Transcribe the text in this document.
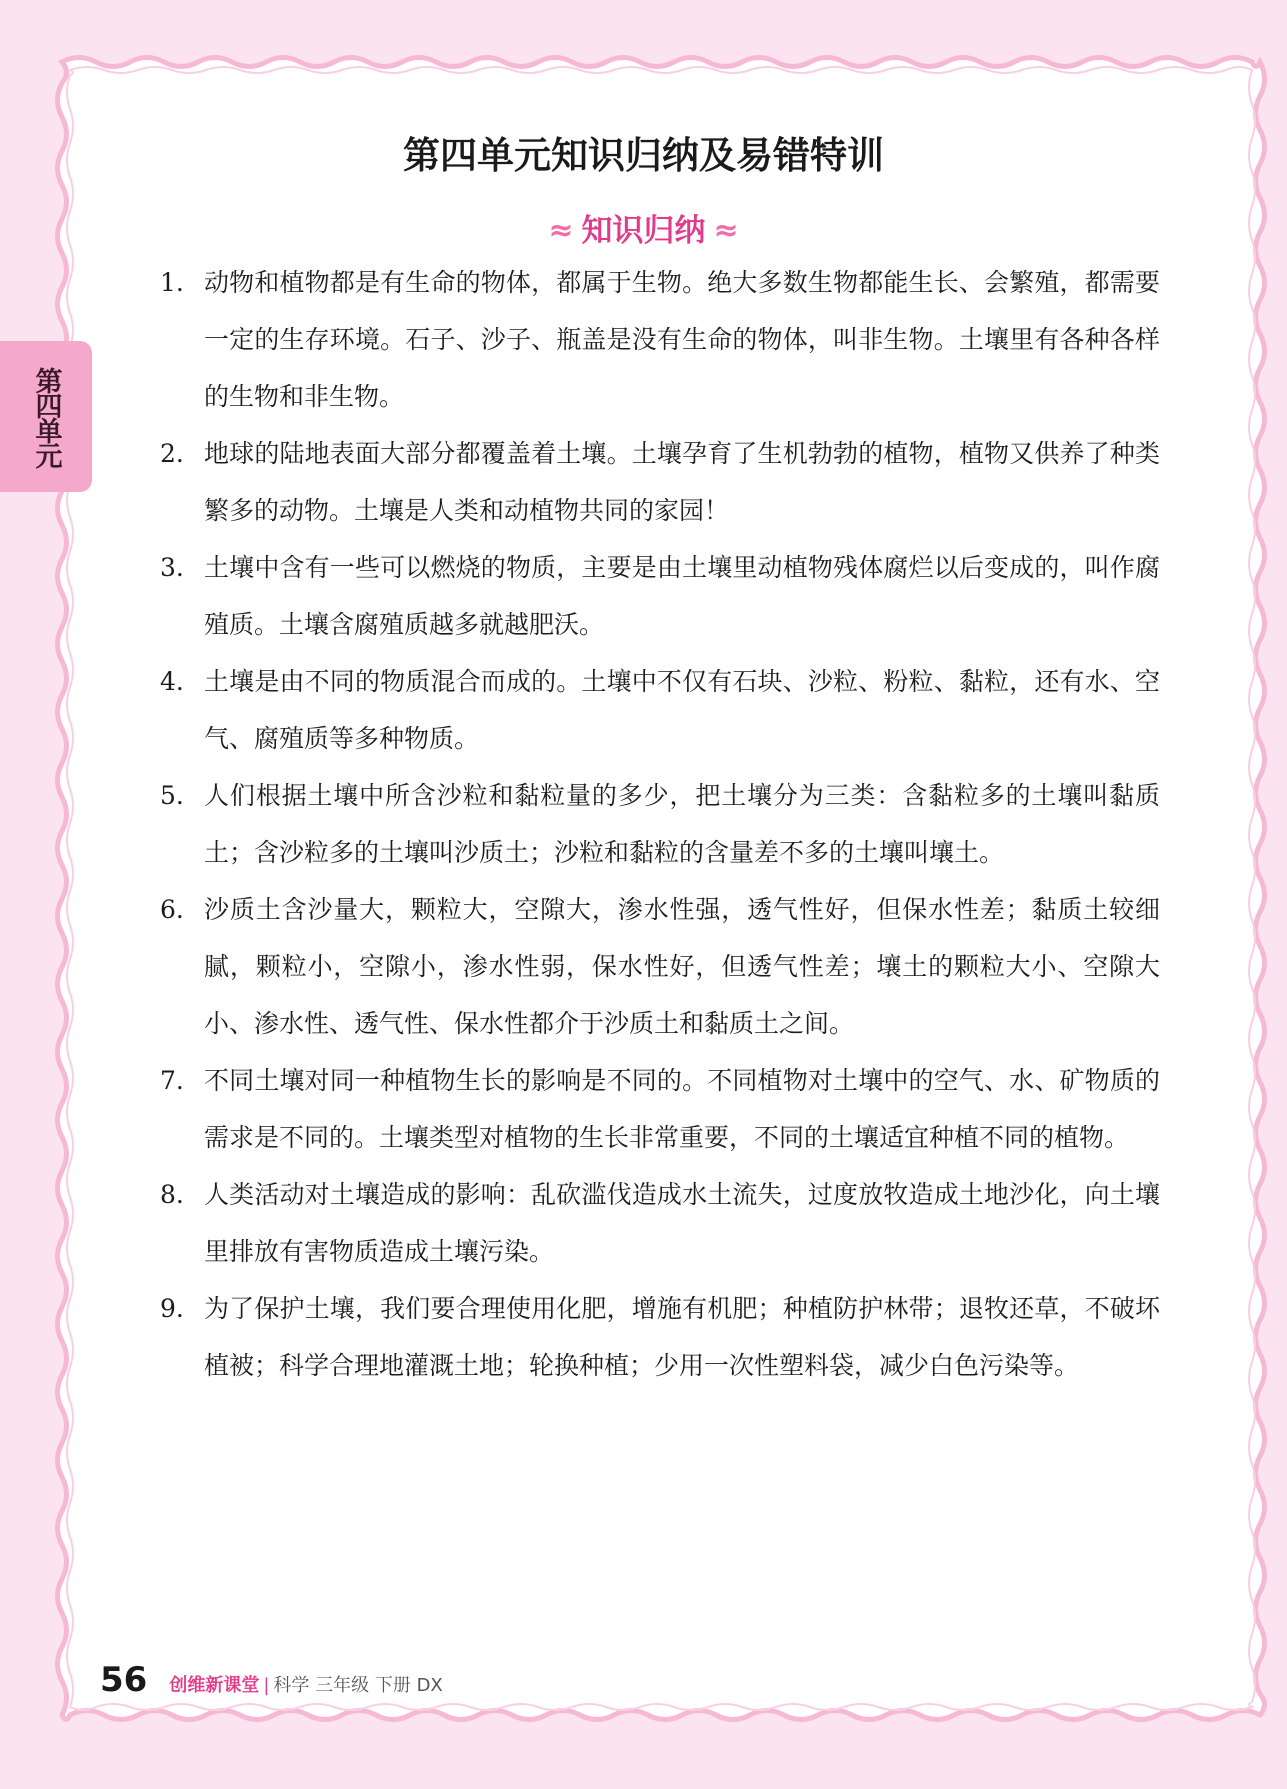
第四单元
第四单元知识归纳及易错特训
≈ 知识归纳 ≈
1. 动物和植物都是有生命的物体，都属于生物。绝大多数生物都能生长、会繁殖，都需要一定的生存环境。石子、沙子、瓶盖是没有生命的物体，叫非生物。土壤里有各种各样的生物和非生物。
2. 地球的陆地表面大部分都覆盖着土壤。土壤孕育了生机勃勃的植物，植物又供养了种类繁多的动物。土壤是人类和动植物共同的家园！
3. 土壤中含有一些可以燃烧的物质，主要是由土壤里动植物残体腐烂以后变成的，叫作腐殖质。土壤含腐殖质越多就越肥沃。
4. 土壤是由不同的物质混合而成的。土壤中不仅有石块、沙粒、粉粒、黏粒，还有水、空气、腐殖质等多种物质。
5. 人们根据土壤中所含沙粒和黏粒量的多少，把土壤分为三类：含黏粒多的土壤叫黏质土；含沙粒多的土壤叫沙质土；沙粒和黏粒的含量差不多的土壤叫壤土。
6. 沙质土含沙量大，颗粒大，空隙大，渗水性强，透气性好，但保水性差；黏质土较细腻，颗粒小，空隙小，渗水性弱，保水性好，但透气性差；壤土的颗粒大小、空隙大小、渗水性、透气性、保水性都介于沙质土和黏质土之间。
7. 不同土壤对同一种植物生长的影响是不同的。不同植物对土壤中的空气、水、矿物质的需求是不同的。土壤类型对植物的生长非常重要，不同的土壤适宜种植不同的植物。
8. 人类活动对土壤造成的影响：乱砍滥伐造成水土流失，过度放牧造成土地沙化，向土壤里排放有害物质造成土壤污染。
9. 为了保护土壤，我们要合理使用化肥，增施有机肥；种植防护林带；退牧还草，不破坏植被；科学合理地灌溉土地；轮换种植；少用一次性塑料袋，减少白色污染等。
56 创维新课堂 | 科学 三年级 下册 DX
